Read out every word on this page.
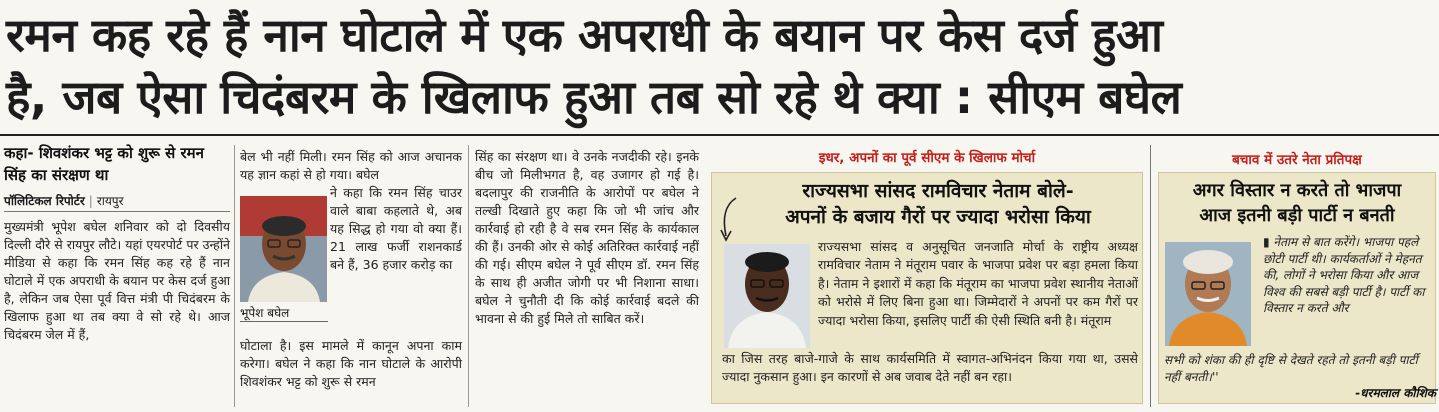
रमन कह रहे हैं नान घोटाले में एक अपराधी के बयान पर केस दर्ज हुआ
है, जब ऐसा चिदंबरम के खिलाफ हुआ तब सो रहे थे क्या : सीएम बघेल
कहा- शिवशंकर भट्ट को शुरू से रमन सिंह का संरक्षण था
पॉलिटिकल रिपोर्टर | रायपुर
मुख्यमंत्री भूपेश बघेल शनिवार को दो दिवसीय दिल्ली दौरे से रायपुर लौटे। यहां एयरपोर्ट पर उन्होंने मीडिया से कहा कि रमन सिंह कह रहे हैं नान घोटाले में एक अपराधी के बयान पर केस दर्ज हुआ है, लेकिन जब ऐसा पूर्व वित्त मंत्री पी चिदंबरम के खिलाफ हुआ था तब क्या वे सो रहे थे। आज चिदंबरम जेल में हैं,
बेल भी नहीं मिली। रमन सिंह को आज अचानक यह ज्ञान कहां से हो गया। बघेल
ने कहा कि रमन सिंह चाउर वाले बाबा कहलाते थे, अब यह सिद्ध हो गया वो क्या हैं। 21 लाख फर्जी राशनकार्ड बने हैं, 36 हजार करोड़ का
भूपेश बघेल
घोटाला है। इस मामले में कानून अपना काम करेगा। बघेल ने कहा कि नान घोटाले के आरोपी शिवशंकर भट्ट को शुरू से रमन
सिंह का संरक्षण था। वे उनके नजदीकी रहे। इनके बीच जो मिलीभगत है, वह उजागर हो गई है। बदलापुर की राजनीति के आरोपों पर बघेल ने तल्खी दिखाते हुए कहा कि जो भी जांच और कार्रवाई हो रही है वे सब रमन सिंह के कार्यकाल की हैं। उनकी ओर से कोई अतिरिक्त कार्रवाई नहीं की गई। सीएम बघेल ने पूर्व सीएम डॉ. रमन सिंह के साथ ही अजीत जोगी पर भी निशाना साधा। बघेल ने चुनौती दी कि कोई कार्रवाई बदले की भावना से की हुई मिले तो साबित करें।
इधर, अपनों का पूर्व सीएम के खिलाफ मोर्चा
राज्यसभा सांसद रामविचार नेताम बोले-
अपनों के बजाय गैरों पर ज्यादा भरोसा किया
राज्यसभा सांसद व अनुसूचित जनजाति मोर्चा के राष्ट्रीय अध्यक्ष रामविचार नेताम ने मंतूराम पवार के भाजपा प्रवेश पर बड़ा हमला किया है। नेताम ने इशारों में कहा कि मंतूराम का भाजपा प्रवेश स्थानीय नेताओं को भरोसे में लिए बिना हुआ था। जिम्मेदारों ने अपनों पर कम गैरों पर ज्यादा भरोसा किया, इसलिए पार्टी की ऐसी स्थिति बनी है। मंतूराम
का जिस तरह बाजे-गाजे के साथ कार्यसमिति में स्वागत-अभिनंदन किया गया था, उससे ज्यादा नुकसान हुआ। इन कारणों से अब जवाब देते नहीं बन रहा।
बचाव में उतरे नेता प्रतिपक्ष
अगर विस्तार न करते तो भाजपा
आज इतनी बड़ी पार्टी न बनती
▮ नेताम से बात करेंगे। भाजपा पहले छोटी पार्टी थी। कार्यकर्ताओं ने मेहनत की, लोगों ने भरोसा किया और आज विश्व की सबसे बड़ी पार्टी है। पार्टी का विस्तार न करते और
सभी को शंका की ही दृष्टि से देखते रहते तो इतनी बड़ी पार्टी नहीं बनती।''
-धरमलाल कौशिक
